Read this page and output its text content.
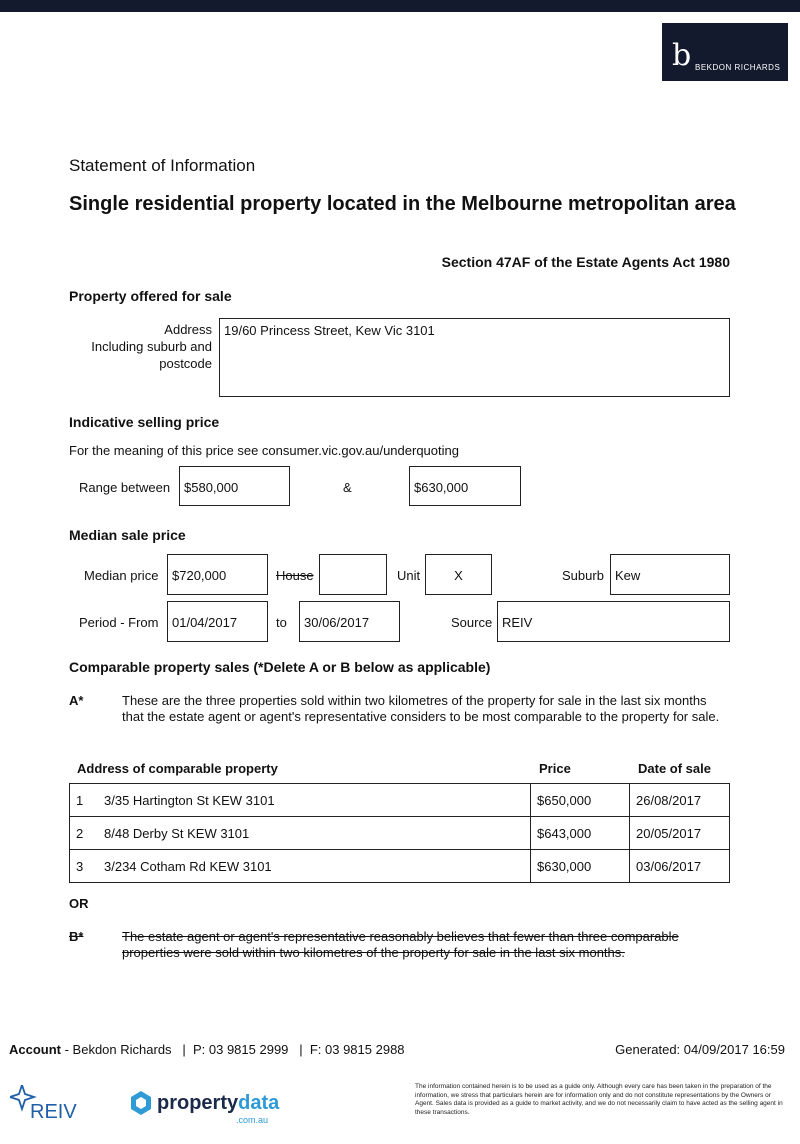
b BEKDON RICHARDS
Statement of Information
Single residential property located in the Melbourne metropolitan area
Section 47AF of the Estate Agents Act 1980
Property offered for sale
Address
Including suburb and
postcode
19/60 Princess Street, Kew Vic 3101
Indicative selling price
For the meaning of this price see consumer.vic.gov.au/underquoting
Range between	$580,000	&	$630,000
Median sale price
Median price	$720,000	House	Unit	X	Suburb Kew
Period - From	01/04/2017	to	30/06/2017	Source REIV
Comparable property sales (*Delete A or B below as applicable)
A*	These are the three properties sold within two kilometres of the property for sale in the last six months that the estate agent or agent's representative considers to be most comparable to the property for sale.
Address of comparable property	Price	Date of sale
1 3/35 Hartington St KEW 3101	$650,000	26/08/2017
2 8/48 Derby St KEW 3101	$643,000	20/05/2017
3 3/234 Cotham Rd KEW 3101	$630,000	03/06/2017
OR
B*	The estate agent or agent's representative reasonably believes that fewer than three comparable properties were sold within two kilometres of the property for sale in the last six months.
Account - Bekdon Richards   |  P: 03 9815 2999   |  F: 03 9815 2988	Generated: 04/09/2017 16:59
REIV	propertydata
.com.au
The information contained herein is to be used as a guide only. Although every care has been taken in the preparation of the information, we stress that particulars herein are for information only and do not constitute representations by the Owners or Agent. Sales data is provided as a guide to market activity, and we do not necessarily claim to have acted as the selling agent in these transactions.
